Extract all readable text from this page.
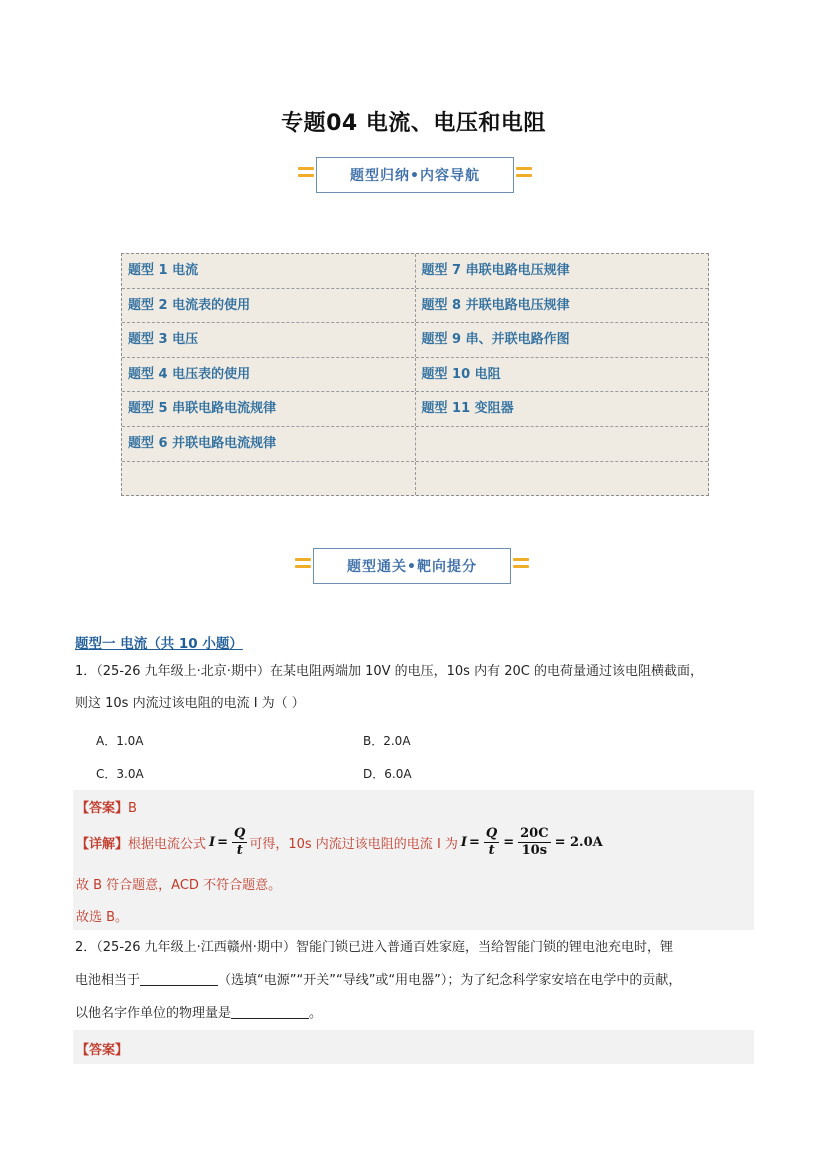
专题04 电流、电压和电阻
题型归纳•内容导航
题型 1 电流	题型 7 串联电路电压规律
题型 2 电流表的使用	题型 8 并联电路电压规律
题型 3 电压	题型 9 串、并联电路作图
题型 4 电压表的使用	题型 10 电阻
题型 5 串联电路电流规律	题型 11 变阻器
题型 6 并联电路电流规律
题型通关•靶向提分
题型一 电流（共 10 小题）
1．（25-26 九年级上·北京·期中）在某电阻两端加 10V 的电压，10s 内有 20C 的电荷量通过该电阻横截面，
则这 10s 内流过该电阻的电流 I 为（ ）
A．1.0A	B．2.0A
C．3.0A	D．6.0A
【答案】B
【详解】 根据电流公式 $I = \frac{Q}{t}$ 可得，10s 内流过该电阻的电流 I 为 $I = \frac{Q}{t} = \frac{20C}{10s} = 2.0A$
故 B 符合题意，ACD 不符合题意。
故选 B。
2．（25-26 九年级上·江西赣州·期中）智能门锁已进入普通百姓家庭，当给智能门锁的锂电池充电时，锂
电池相当于	（选填“电源”“开关”“导线”或“用电器”）；为了纪念科学家安培在电学中的贡献，
以他名字作单位的物理量是	。
【答案】
